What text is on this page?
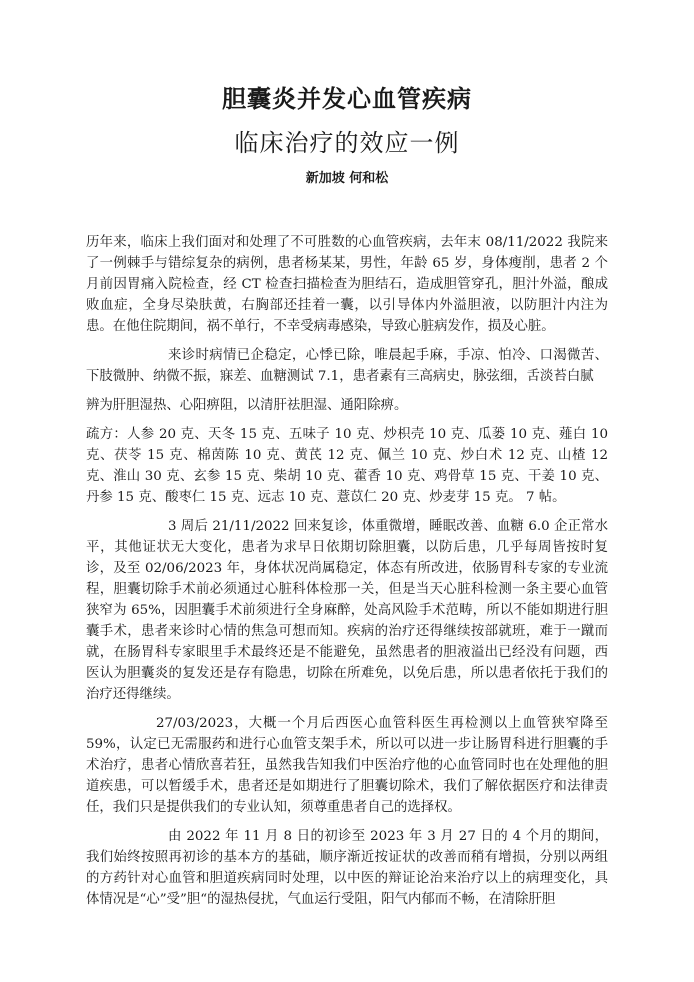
胆囊炎并发心血管疾病
临床治疗的效应一例
新加坡 何和松

历年来，临床上我们面对和处理了不可胜数的心血管疾病，去年末 08/11/2022 我院来了一例棘手与错综复杂的病例，患者杨某某，男性，年龄 65 岁，身体瘦削，患者 2 个月前因胃痛入院检查，经 CT 检查扫描检查为胆结石，造成胆管穿孔，胆汁外溢，酿成败血症，全身尽染肤黄，右胸部还挂着一囊，以引导体内外溢胆液，以防胆汁内注为患。在他住院期间，祸不单行，不幸受病毒感染，导致心脏病发作，损及心脏。

来诊时病情已企稳定，心悸已除，唯晨起手麻，手凉、怕冷、口渴微苦、下肢微肿、纳微不振，寐差、血糖测试 7.1，患者素有三高病史，脉弦细，舌淡苔白腻

辨为肝胆湿热、心阳痹阻，以清肝祛胆湿、通阳除痹。

疏方：人参 20 克、天冬 15 克、五味子 10 克、炒枳壳 10 克、瓜蒌 10 克、薤白 10 克、茯苓 15 克、棉茵陈 10 克、黄芪 12 克、佩兰 10 克、炒白术 12 克、山楂 12 克、淮山 30 克、玄参 15 克、柴胡 10 克、藿香 10 克、鸡骨草 15 克、干姜 10 克、丹参 15 克、酸枣仁 15 克、远志 10 克、薏苡仁 20 克、炒麦芽 15 克。 7 帖。

3 周后 21/11/2022 回来复诊，体重微增，睡眠改善、血糖 6.0 企正常水平，其他证状无大变化，患者为求早日依期切除胆囊，以防后患，几乎每周皆按时复诊，及至 02/06/2023 年，身体状况尚属稳定，体态有所改进，依肠胃科专家的专业流程，胆囊切除手术前必须通过心脏科体检那一关，但是当天心脏科检测一条主要心血管狭窄为 65%，因胆囊手术前须进行全身麻醉，处高风险手术范畴，所以不能如期进行胆囊手术，患者来诊时心情的焦急可想而知。疾病的治疗还得继续按部就班，难于一蹴而就，在肠胃科专家眼里手术最终还是不能避免，虽然患者的胆液溢出已经没有问题，西医认为胆囊炎的复发还是存有隐患，切除在所难免，以免后患，所以患者依托于我们的治疗还得继续。

27/03/2023，大概一个月后西医心血管科医生再检测以上血管狭窄降至 59%，认定已无需服药和进行心血管支架手术，所以可以进一步让肠胃科进行胆囊的手术治疗，患者心情欣喜若狂，虽然我告知我们中医治疗他的心血管同时也在处理他的胆道疾患，可以暂缓手术，患者还是如期进行了胆囊切除术，我们了解依据医疗和法律责任，我们只是提供我们的专业认知，须尊重患者自己的选择权。

由 2022 年 11 月 8 日的初诊至 2023 年 3 月 27 日的 4 个月的期间，我们始终按照再初诊的基本方的基础，顺序渐近按证状的改善而稍有增损，分别以两组的方药针对心血管和胆道疾病同时处理，以中医的辩证论治来治疗以上的病理变化，具体情况是“心”受”胆“的湿热侵扰，气血运行受阻，阳气内郁而不畅，在清除肝胆
